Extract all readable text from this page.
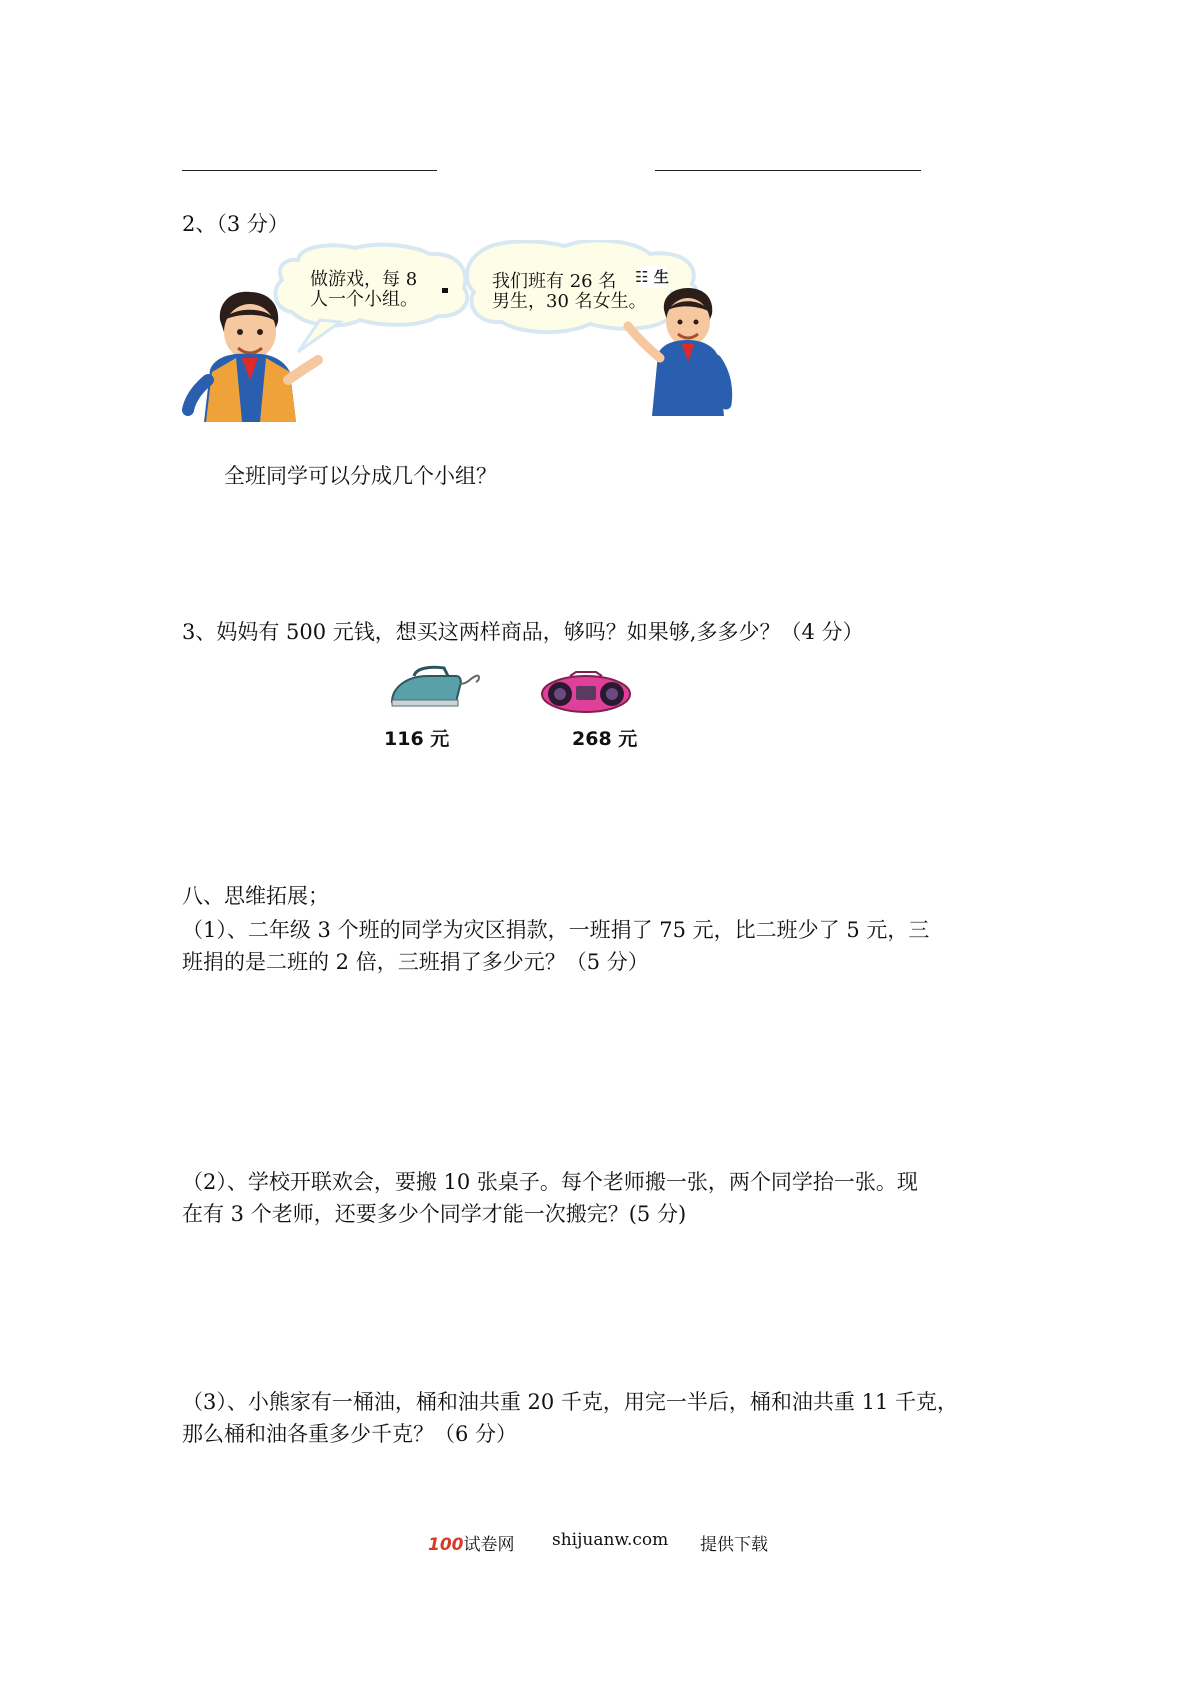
2、（3 分）
☷ 生
做游戏，每 8
人一个小组。
我们班有 26 名
男生，30 名女生。
全班同学可以分成几个小组？
3、妈妈有 500 元钱，想买这两样商品，够吗？如果够,多多少？（4 分）
116 元	268 元
八、思维拓展；
（1）、二年级 3 个班的同学为灾区捐款，一班捐了 75 元，比二班少了 5 元，三
班捐的是二班的 2 倍，三班捐了多少元？（5 分）
（2）、学校开联欢会，要搬 10 张桌子。每个老师搬一张，两个同学抬一张。现
在有 3 个老师，还要多少个同学才能一次搬完？(5 分)
（3）、小熊家有一桶油，桶和油共重 20 千克，用完一半后，桶和油共重 11 千克，
那么桶和油各重多少千克？（6 分）
100试卷网 shijuanw.com 提供下载
